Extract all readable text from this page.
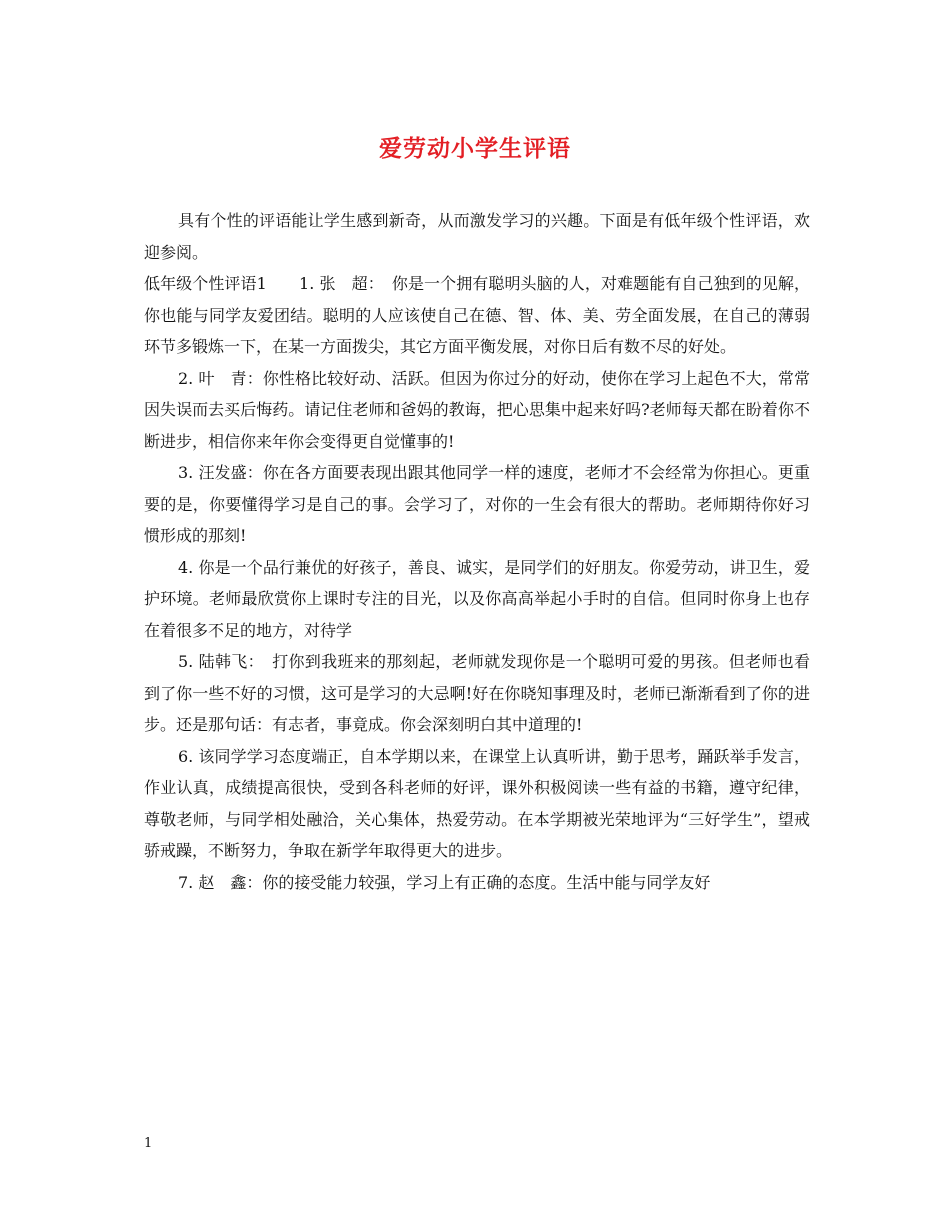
爱劳动小学生评语

具有个性的评语能让学生感到新奇，从而激发学习的兴趣。下面是有低年级个性评语，欢迎参阅。

低年级个性评语1　　1. 张　超：　你是一个拥有聪明头脑的人，对难题能有自己独到的见解，你也能与同学友爱团结。聪明的人应该使自己在德、智、体、美、劳全面发展，在自己的薄弱环节多锻炼一下，在某一方面拨尖，其它方面平衡发展，对你日后有数不尽的好处。

2. 叶　青：你性格比较好动、活跃。但因为你过分的好动，使你在学习上起色不大，常常因失误而去买后悔药。请记住老师和爸妈的教诲，把心思集中起来好吗?老师每天都在盼着你不断进步，相信你来年你会变得更自觉懂事的!

3. 汪发盛：你在各方面要表现出跟其他同学一样的速度，老师才不会经常为你担心。更重要的是，你要懂得学习是自己的事。会学习了，对你的一生会有很大的帮助。老师期待你好习惯形成的那刻!

4. 你是一个品行兼优的好孩子，善良、诚实，是同学们的好朋友。你爱劳动，讲卫生，爱护环境。老师最欣赏你上课时专注的目光，以及你高高举起小手时的自信。但同时你身上也存在着很多不足的地方，对待学

5. 陆韩飞：　打你到我班来的那刻起，老师就发现你是一个聪明可爱的男孩。但老师也看到了你一些不好的习惯，这可是学习的大忌啊!好在你晓知事理及时，老师已渐渐看到了你的进步。还是那句话：有志者，事竟成。你会深刻明白其中道理的!

6. 该同学学习态度端正，自本学期以来，在课堂上认真听讲，勤于思考，踊跃举手发言，作业认真，成绩提高很快，受到各科老师的好评，课外积极阅读一些有益的书籍，遵守纪律，尊敬老师，与同学相处融洽，关心集体，热爱劳动。在本学期被光荣地评为“三好学生”，望戒骄戒躁，不断努力，争取在新学年取得更大的进步。

7. 赵　鑫：你的接受能力较强，学习上有正确的态度。生活中能与同学友好

1
